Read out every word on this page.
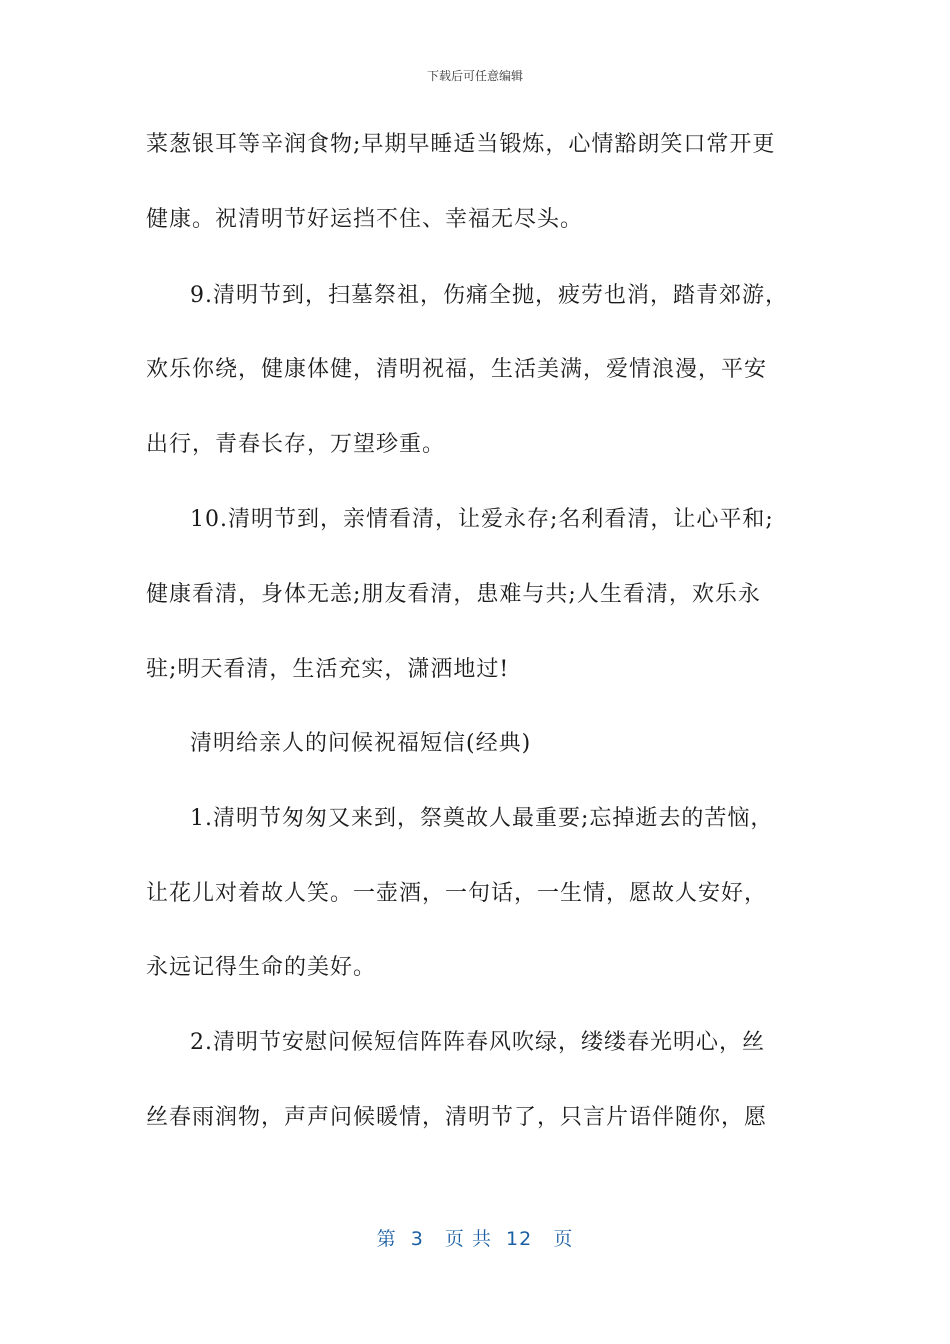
下载后可任意编辑
菜葱银耳等辛润食物;早期早睡适当锻炼，心情豁朗笑口常开更
健康。祝清明节好运挡不住、幸福无尽头。
9.清明节到，扫墓祭祖，伤痛全抛，疲劳也消，踏青郊游，
欢乐你绕，健康体健，清明祝福，生活美满，爱情浪漫，平安
出行，青春长存，万望珍重。
10.清明节到，亲情看清，让爱永存;名利看清，让心平和;
健康看清，身体无恙;朋友看清，患难与共;人生看清，欢乐永
驻;明天看清，生活充实，潇洒地过!
清明给亲人的问候祝福短信(经典)
1.清明节匆匆又来到，祭奠故人最重要;忘掉逝去的苦恼，
让花儿对着故人笑。一壶酒，一句话，一生情，愿故人安好，
永远记得生命的美好。
2.清明节安慰问候短信阵阵春风吹绿，缕缕春光明心，丝
丝春雨润物，声声问候暖情，清明节了，只言片语伴随你，愿
第  3   页 共  12   页
